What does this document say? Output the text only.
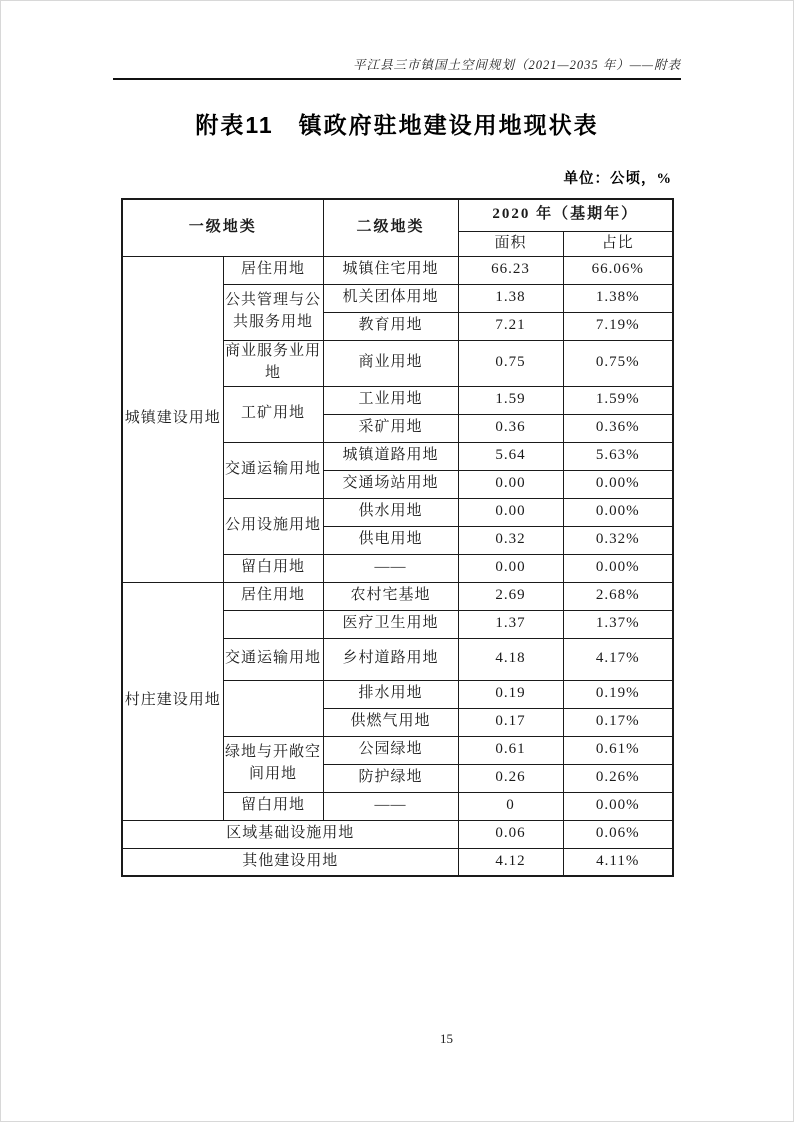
平江县三市镇国土空间规划（2021—2035 年）——附表
附表11　镇政府驻地建设用地现状表
单位：公顷，%
一级地类		二级地类	2020 年（基期年）	
			面积	占比
城镇建设用地	居住用地	城镇住宅用地	66.23	66.06%
	公共管理与公共服务用地	机关团体用地	1.38	1.38%
		教育用地	7.21	7.19%
	商业服务业用地	商业用地	0.75	0.75%
	工矿用地	工业用地	1.59	1.59%
		采矿用地	0.36	0.36%
	交通运输用地	城镇道路用地	5.64	5.63%
		交通场站用地	0.00	0.00%
	公用设施用地	供水用地	0.00	0.00%
		供电用地	0.32	0.32%
	留白用地	——	0.00	0.00%
村庄建设用地	居住用地	农村宅基地	2.69	2.68%
		医疗卫生用地	1.37	1.37%
	交通运输用地	乡村道路用地	4.18	4.17%
		排水用地	0.19	0.19%
		供燃气用地	0.17	0.17%
	绿地与开敞空间用地	公园绿地	0.61	0.61%
		防护绿地	0.26	0.26%
	留白用地	——	0	0.00%
区域基础设施用地			0.06	0.06%
其他建设用地			4.12	4.11%
15
